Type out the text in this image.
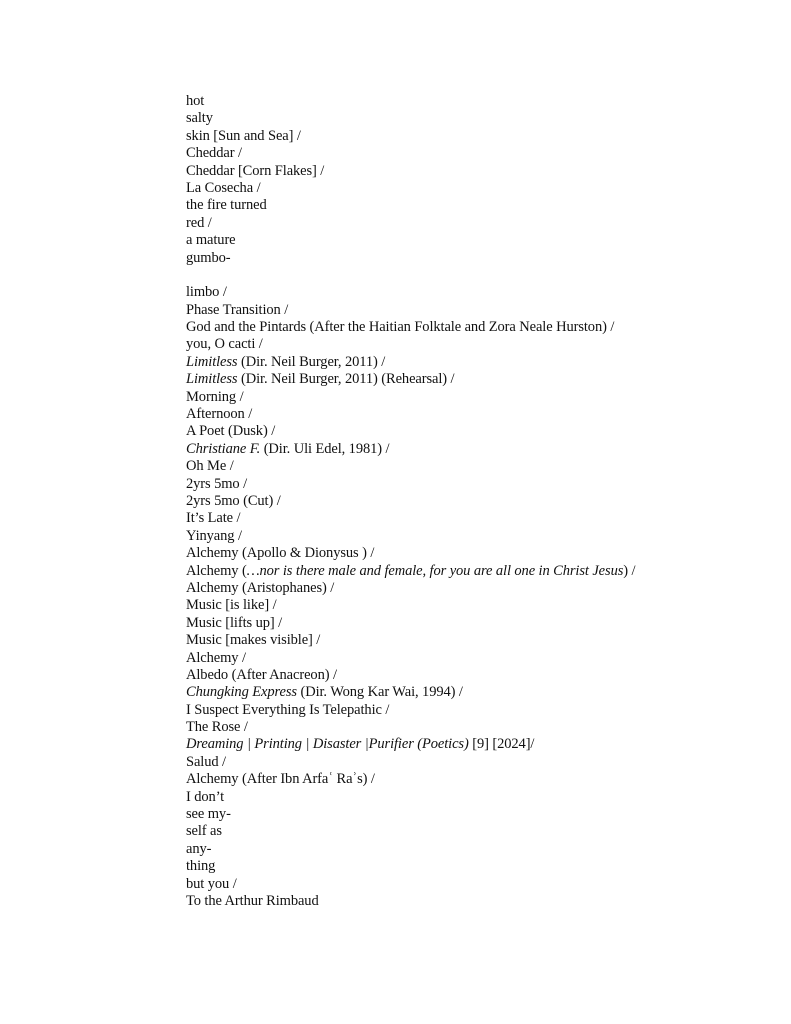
hot
salty
skin [Sun and Sea] /
Cheddar /
Cheddar [Corn Flakes] /
La Cosecha /
the fire turned
red /
a mature
gumbo-
limbo /
Phase Transition /
God and the Pintards (After the Haitian Folktale and Zora Neale Hurston) /
you, O cacti /
Limitless (Dir. Neil Burger, 2011) /
Limitless (Dir. Neil Burger, 2011) (Rehearsal) /
Morning /
Afternoon /
A Poet (Dusk) /
Christiane F. (Dir. Uli Edel, 1981) /
Oh Me /
2yrs 5mo /
2yrs 5mo (Cut) /
It’s Late /
Yinyang /
Alchemy (Apollo & Dionysus ) /
Alchemy (…nor is there male and female, for you are all one in Christ Jesus) /
Alchemy (Aristophanes) /
Music [is like] /
Music [lifts up] /
Music [makes visible] /
Alchemy /
Albedo (After Anacreon) /
Chungking Express (Dir. Wong Kar Wai, 1994) /
I Suspect Everything Is Telepathic /
The Rose /
Dreaming | Printing | Disaster |Purifier (Poetics) [9] [2024]/
Salud /
Alchemy (After Ibn Arfaʿ Raʾs) /
I don’t
see my-
self as
any-
thing
but you /
To the Arthur Rimbaud
